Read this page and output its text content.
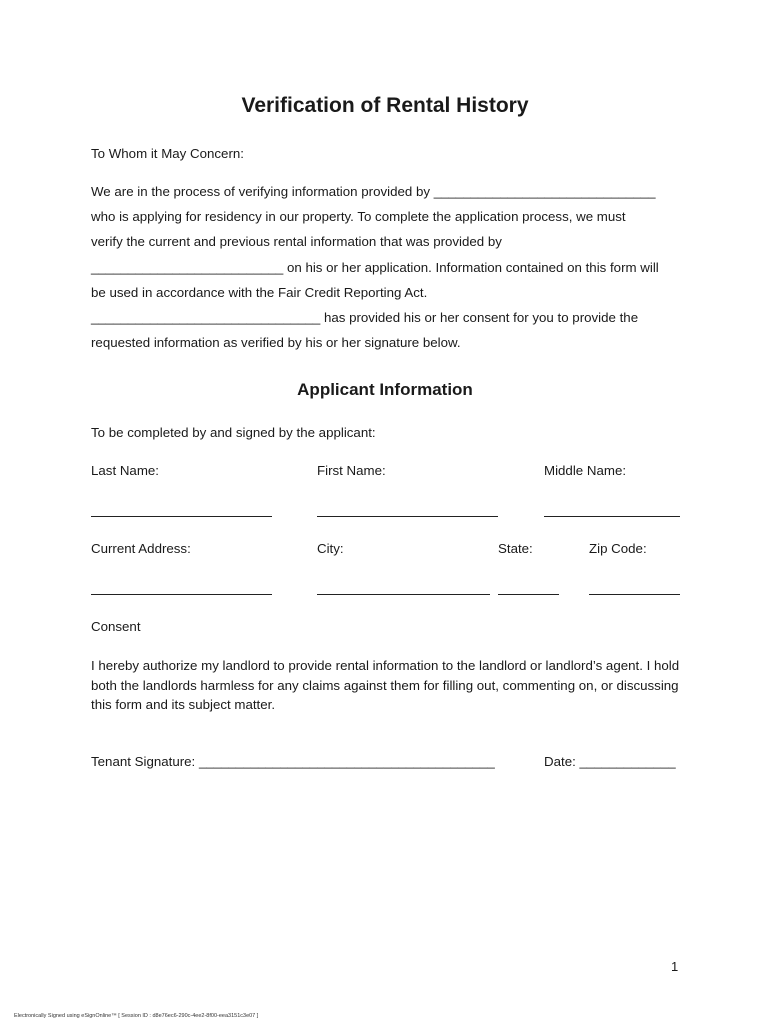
Verification of Rental History
To Whom it May Concern:
We are in the process of verifying information provided by ______________________________
who is applying for residency in our property. To complete the application process, we must
verify the current and previous rental information that was provided by
__________________________ on his or her application. Information contained on this form will
be used in accordance with the Fair Credit Reporting Act.
_______________________________ has provided his or her consent for you to provide the
requested information as verified by his or her signature below.
Applicant Information
To be completed by and signed by the applicant:
Last Name:	First Name:	Middle Name:
Current Address:	City:	State:	Zip Code:
Consent
I hereby authorize my landlord to provide rental information to the landlord or landlord’s agent. I hold both the landlords harmless for any claims against them for filling out, commenting on, or discussing this form and its subject matter.
Tenant Signature: ________________________________________	Date: _____________
1
Electronically Signed using eSignOnline™ [ Session ID : d8e76ec6-290c-4ee2-8f00-eea3151c3e07 ]
